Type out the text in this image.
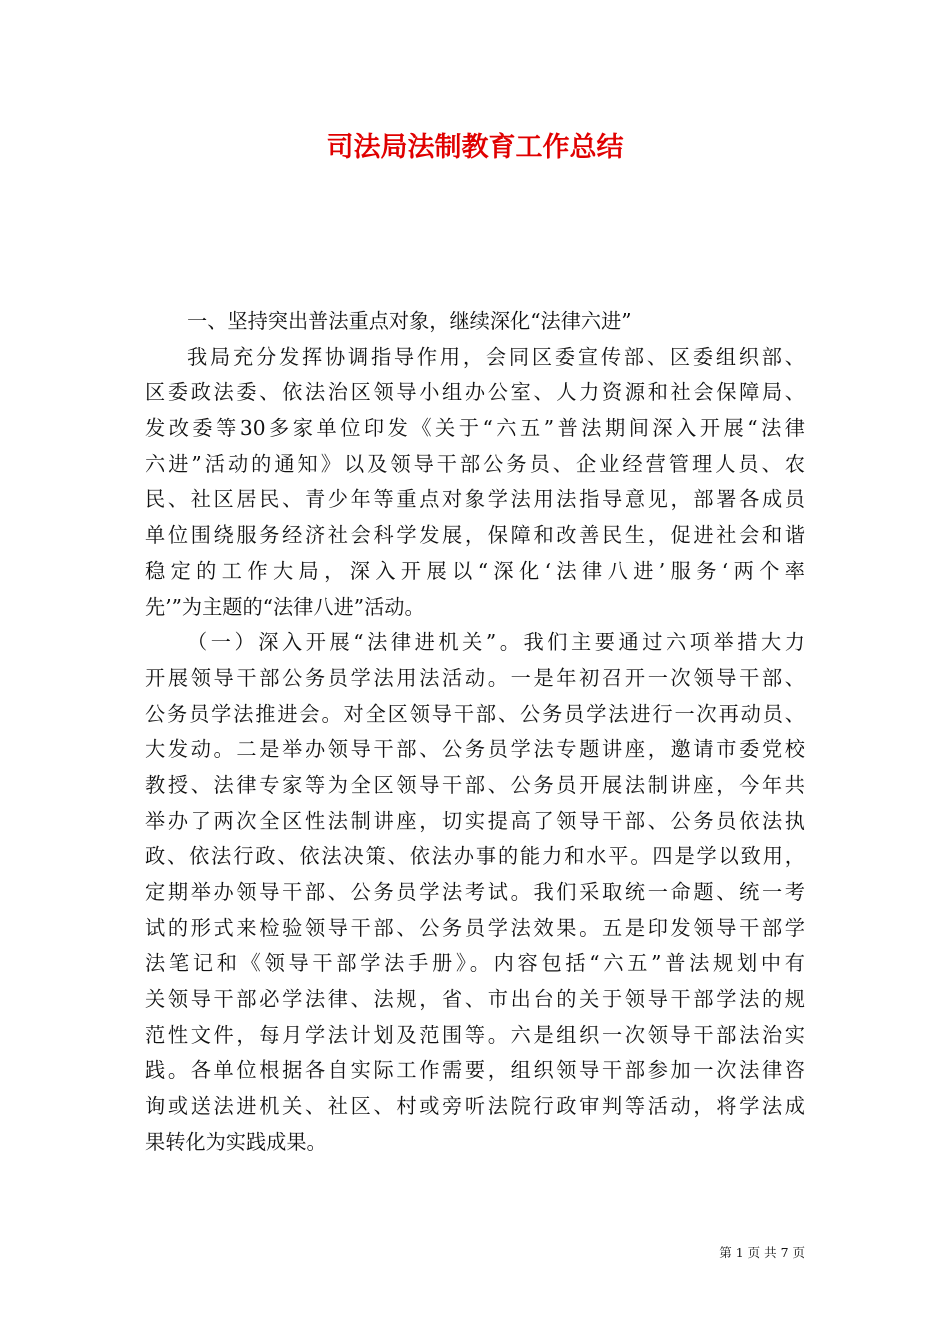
司法局法制教育工作总结
一、坚持突出普法重点对象，继续深化“法律六进”
我局充分发挥协调指导作用，会同区委宣传部、区委组织部、
区委政法委、依法治区领导小组办公室、人力资源和社会保障局、
发改委等30多家单位印发《关于“六五”普法期间深入开展“法律
六进”活动的通知》以及领导干部公务员、企业经营管理人员、农
民、社区居民、青少年等重点对象学法用法指导意见，部署各成员
单位围绕服务经济社会科学发展，保障和改善民生，促进社会和谐
稳定的工作大局，深入开展以“深化‘法律八进’服务‘两个率
先’”为主题的“法律八进”活动。
（一）深入开展“法律进机关”。我们主要通过六项举措大力
开展领导干部公务员学法用法活动。一是年初召开一次领导干部、
公务员学法推进会。对全区领导干部、公务员学法进行一次再动员、
大发动。二是举办领导干部、公务员学法专题讲座，邀请市委党校
教授、法律专家等为全区领导干部、公务员开展法制讲座，今年共
举办了两次全区性法制讲座，切实提高了领导干部、公务员依法执
政、依法行政、依法决策、依法办事的能力和水平。四是学以致用，
定期举办领导干部、公务员学法考试。我们采取统一命题、统一考
试的形式来检验领导干部、公务员学法效果。五是印发领导干部学
法笔记和《领导干部学法手册》。内容包括“六五”普法规划中有
关领导干部必学法律、法规，省、市出台的关于领导干部学法的规
范性文件，每月学法计划及范围等。六是组织一次领导干部法治实
践。各单位根据各自实际工作需要，组织领导干部参加一次法律咨
询或送法进机关、社区、村或旁听法院行政审判等活动，将学法成
果转化为实践成果。
第 1 页 共 7 页
